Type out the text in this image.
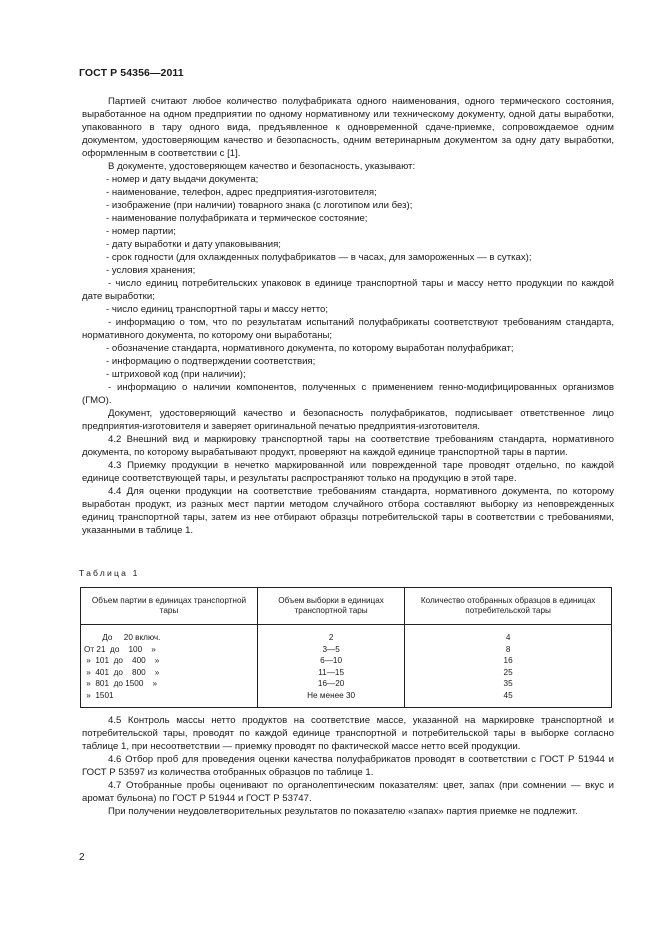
ГОСТ Р 54356—2011

Партией считают любое количество полуфабриката одного наименования, одного термического состояния, выработанное на одном предприятии по одному нормативному или техническому документу, одной даты выработки, упакованного в тару одного вида, предъявленное к одновременной сдаче-приемке, сопровождаемое одним документом, удостоверяющим качество и безопасность, одним ветеринарным документом за одну дату выработки, оформленным в соответствии с [1].

В документе, удостоверяющем качество и безопасность, указывают:

- номер и дату выдачи документа;

- наименование, телефон, адрес предприятия-изготовителя;

- изображение (при наличии) товарного знака (с логотипом или без);

- наименование полуфабриката и термическое состояние;

- номер партии;

- дату выработки и дату упаковывания;

- срок годности (для охлажденных полуфабрикатов — в часах, для замороженных — в сутках);

- условия хранения;

- число единиц потребительских упаковок в единице транспортной тары и массу нетто продукции по каждой дате выработки;

- число единиц транспортной тары и массу нетто;

- информацию о том, что по результатам испытаний полуфабрикаты соответствуют требованиям стандарта, нормативного документа, по которому они выработаны;

- обозначение стандарта, нормативного документа, по которому выработан полуфабрикат;

- информацию о подтверждении соответствия;

- штриховой код (при наличии);

- информацию о наличии компонентов, полученных с применением генно-модифицированных организмов (ГМО).

Документ, удостоверяющий качество и безопасность полуфабрикатов, подписывает ответственное лицо предприятия-изготовителя и заверяет оригинальной печатью предприятия-изготовителя.

4.2 Внешний вид и маркировку транспортной тары на соответствие требованиям стандарта, нормативного документа, по которому вырабатывают продукт, проверяют на каждой единице транспортной тары в партии.

4.3 Приемку продукции в нечетко маркированной или поврежденной таре проводят отдельно, по каждой единице соответствующей тары, и результаты распространяют только на продукцию в этой таре.

4.4 Для оценки продукции на соответствие требованиям стандарта, нормативного документа, по которому выработан продукт, из разных мест партии методом случайного отбора составляют выборку из неповрежденных единиц транспортной тары, затем из нее отбирают образцы потребительской тары в соответствии с требованиями, указанными в таблице 1.

Таблица 1
Объем партии в единицах транспортной тары	Объем выборки в единицах транспортной тары	Количество отобранных образцов в единицах потребительской тары
До     20 включ.	2	4
От 21  до    100    »	3—5	8
»  101  до    400    »	6—10	16
»  401  до    800    »	11—15	25
»  801  до 1500    »	16—20	35
»  1501	Не менее 30	45

4.5 Контроль массы нетто продуктов на соответствие массе, указанной на маркировке транспортной и потребительской тары, проводят по каждой единице транспортной и потребительской тары в выборке согласно таблице 1, при несоответствии — приемку проводят по фактической массе нетто всей продукции.

4.6 Отбор проб для проведения оценки качества полуфабрикатов проводят в соответствии с ГОСТ Р 51944 и ГОСТ Р 53597 из количества отобранных образцов по таблице 1.

4.7 Отобранные пробы оценивают по органолептическим показателям: цвет, запах (при сомнении — вкус и аромат бульона) по ГОСТ Р 51944 и ГОСТ Р 53747.

При получении неудовлетворительных результатов по показателю «запах» партия приемке не подлежит.

2
